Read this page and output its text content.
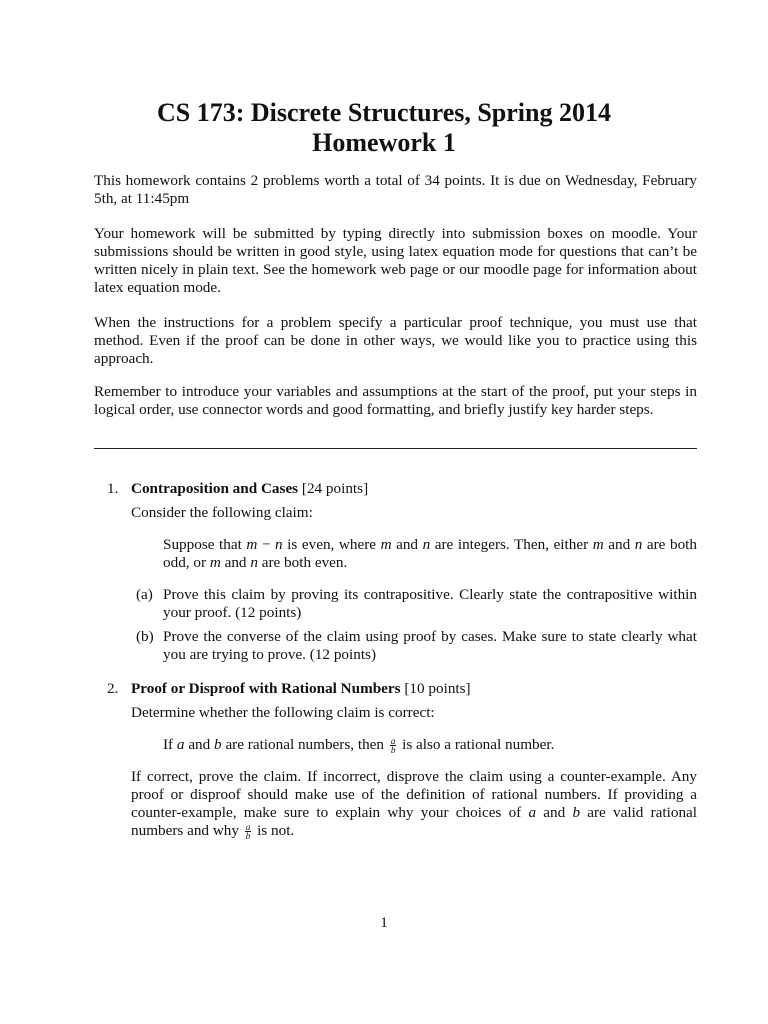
CS 173: Discrete Structures, Spring 2014
Homework 1

This homework contains 2 problems worth a total of 34 points. It is due on Wednesday, February 5th, at 11:45pm

Your homework will be submitted by typing directly into submission boxes on moodle. Your submissions should be written in good style, using latex equation mode for questions that can’t be written nicely in plain text. See the homework web page or our moodle page for information about latex equation mode.

When the instructions for a problem specify a particular proof technique, you must use that method. Even if the proof can be done in other ways, we would like you to practice using this approach.

Remember to introduce your variables and assumptions at the start of the proof, put your steps in logical order, use connector words and good formatting, and briefly justify key harder steps.

1. Contraposition and Cases [24 points]
Consider the following claim:
Suppose that m − n is even, where m and n are integers. Then, either m and n are both odd, or m and n are both even.
(a) Prove this claim by proving its contrapositive. Clearly state the contrapositive within your proof. (12 points)
(b) Prove the converse of the claim using proof by cases. Make sure to state clearly what you are trying to prove. (12 points)
2. Proof or Disproof with Rational Numbers [10 points]
Determine whether the following claim is correct:
If a and b are rational numbers, then $\frac{a}{b}$ is also a rational number.
If correct, prove the claim. If incorrect, disprove the claim using a counter-example. Any proof or disproof should make use of the definition of rational numbers. If providing a counter-example, make sure to explain why your choices of a and b are valid rational numbers and why $\frac{a}{b}$ is not.
1
